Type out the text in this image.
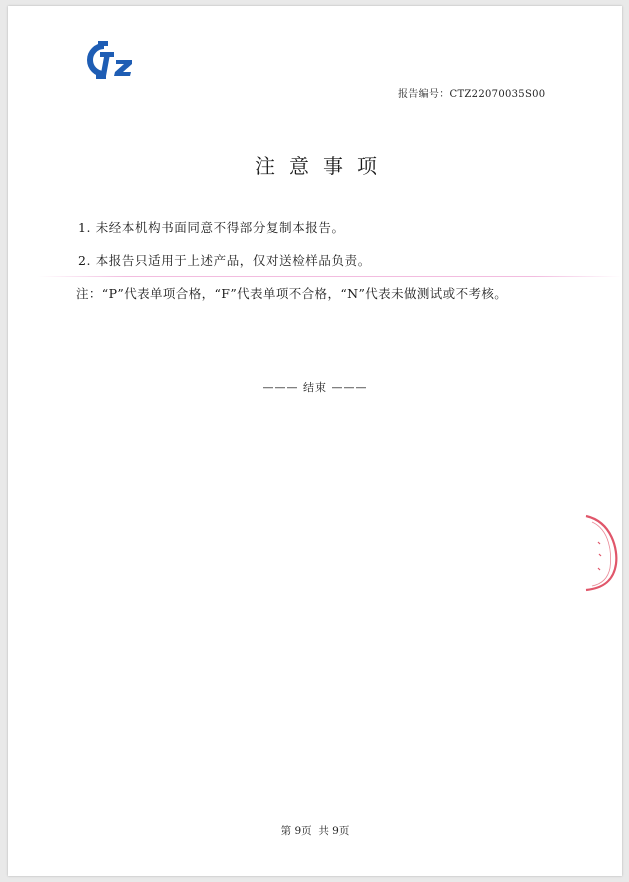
报告编号：CTZ22070035S00
注意事项
1. 未经本机构书面同意不得部分复制本报告。
2. 本报告只适用于上述产品，仅对送检样品负责。
注：“P”代表单项合格，“F”代表单项不合格，“N”代表未做测试或不考核。
——— 结束 ———
第 9页  共 9页
